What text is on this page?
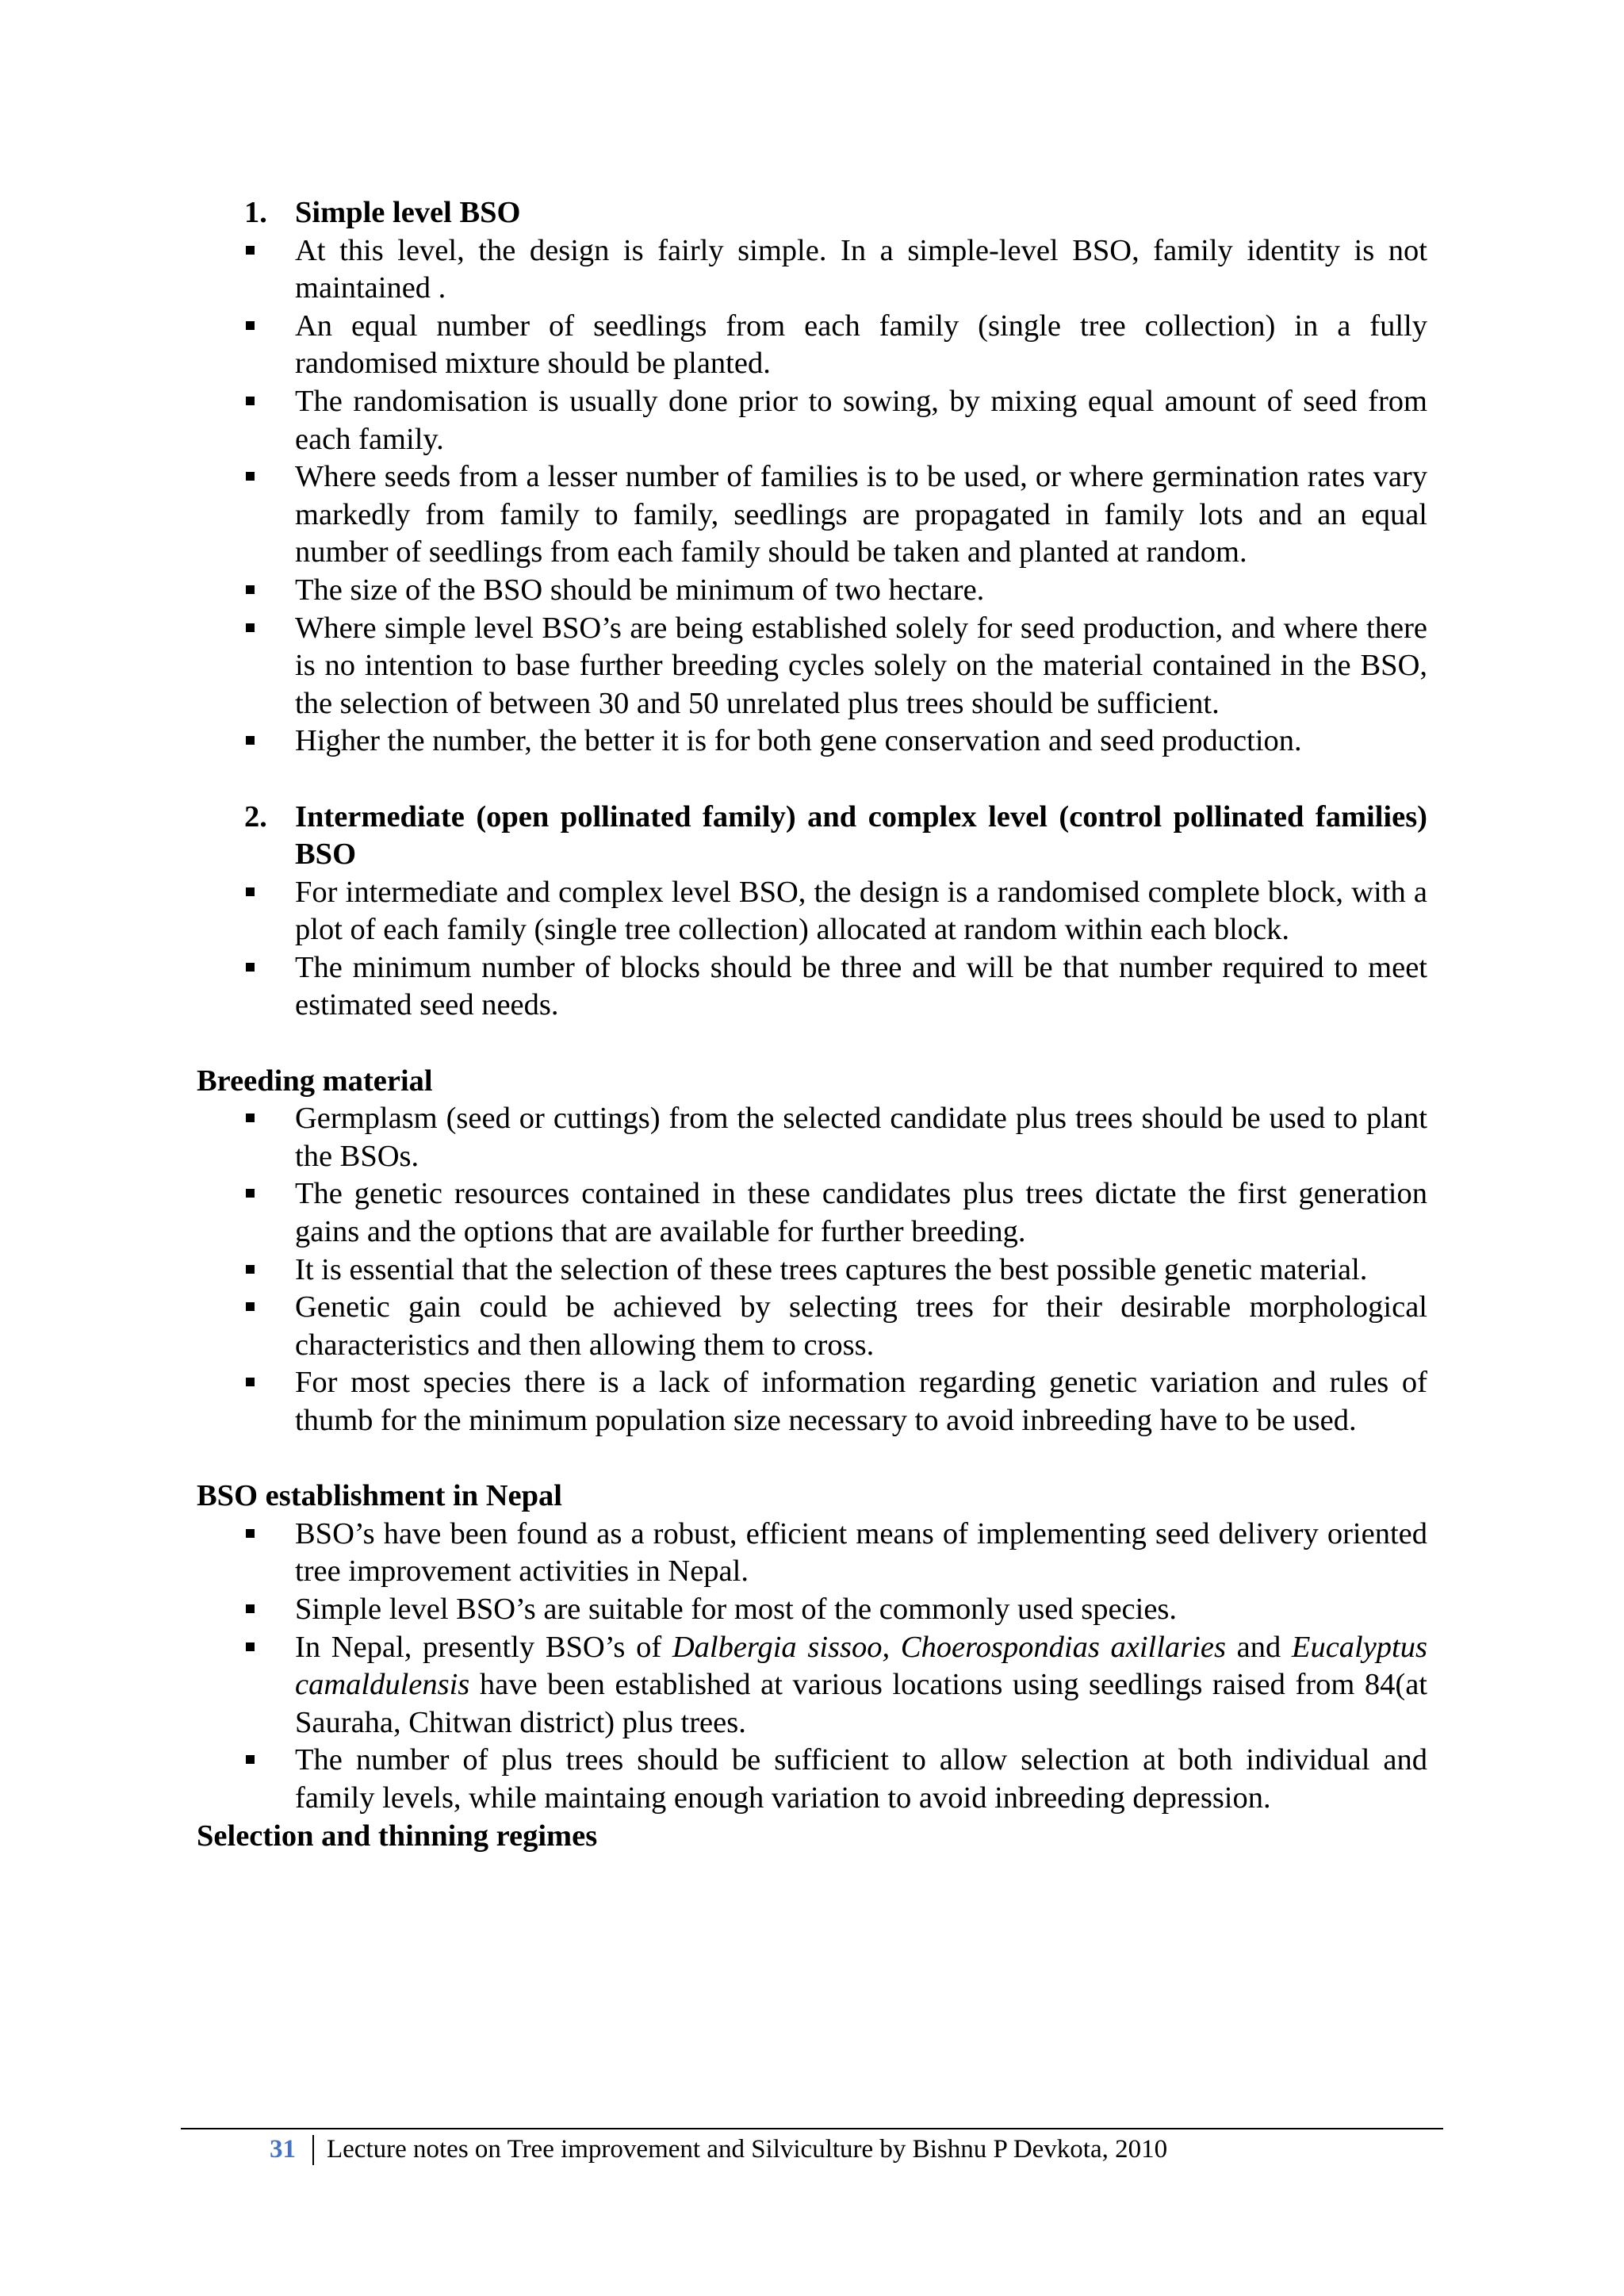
1. Simple level BSO
At this level, the design is fairly simple. In a simple-level BSO, family identity is not maintained .
An equal number of seedlings from each family (single tree collection) in a fully randomised mixture should be planted.
The randomisation is usually done prior to sowing, by mixing equal amount of seed from each family.
Where seeds from a lesser number of families is to be used, or where germination rates vary markedly from family to family, seedlings are propagated in family lots and an equal number of seedlings from each family should be taken and planted at random.
The size of the BSO should be minimum of two hectare.
Where simple level BSO’s are being established solely for seed production, and where there is no intention to base further breeding cycles solely on the material contained in the BSO, the selection of between 30 and 50 unrelated plus trees should be sufficient.
Higher the number, the better it is for both gene conservation and seed production.
2. Intermediate (open pollinated family) and complex level (control pollinated families) BSO
For intermediate and complex level BSO, the design is a randomised complete block, with a plot of each family (single tree collection) allocated at random within each block.
The minimum number of blocks should be three and will be that number required to meet estimated seed needs.
Breeding material
Germplasm (seed or cuttings) from the selected candidate plus trees should be used to plant the BSOs.
The genetic resources contained in these candidates plus trees dictate the first generation gains and the options that are available for further breeding.
It is essential that the selection of these trees captures the best possible genetic material.
Genetic gain could be achieved by selecting trees for their desirable morphological characteristics and then allowing them to cross.
For most species there is a lack of information regarding genetic variation and rules of thumb for the minimum population size necessary to avoid inbreeding have to be used.
BSO establishment in Nepal
BSO’s have been found as a robust, efficient means of implementing seed delivery oriented tree improvement activities in Nepal.
Simple level BSO’s are suitable for most of the commonly used species.
In Nepal, presently BSO’s of Dalbergia sissoo, Choerospondias axillaries and Eucalyptus camaldulensis have been established at various locations using seedlings raised from 84(at Sauraha, Chitwan district) plus trees.
The number of plus trees should be sufficient to allow selection at both individual and family levels, while maintaing enough variation to avoid inbreeding depression.
Selection and thinning regimes
31 Lecture notes on Tree improvement and Silviculture by Bishnu P Devkota, 2010
